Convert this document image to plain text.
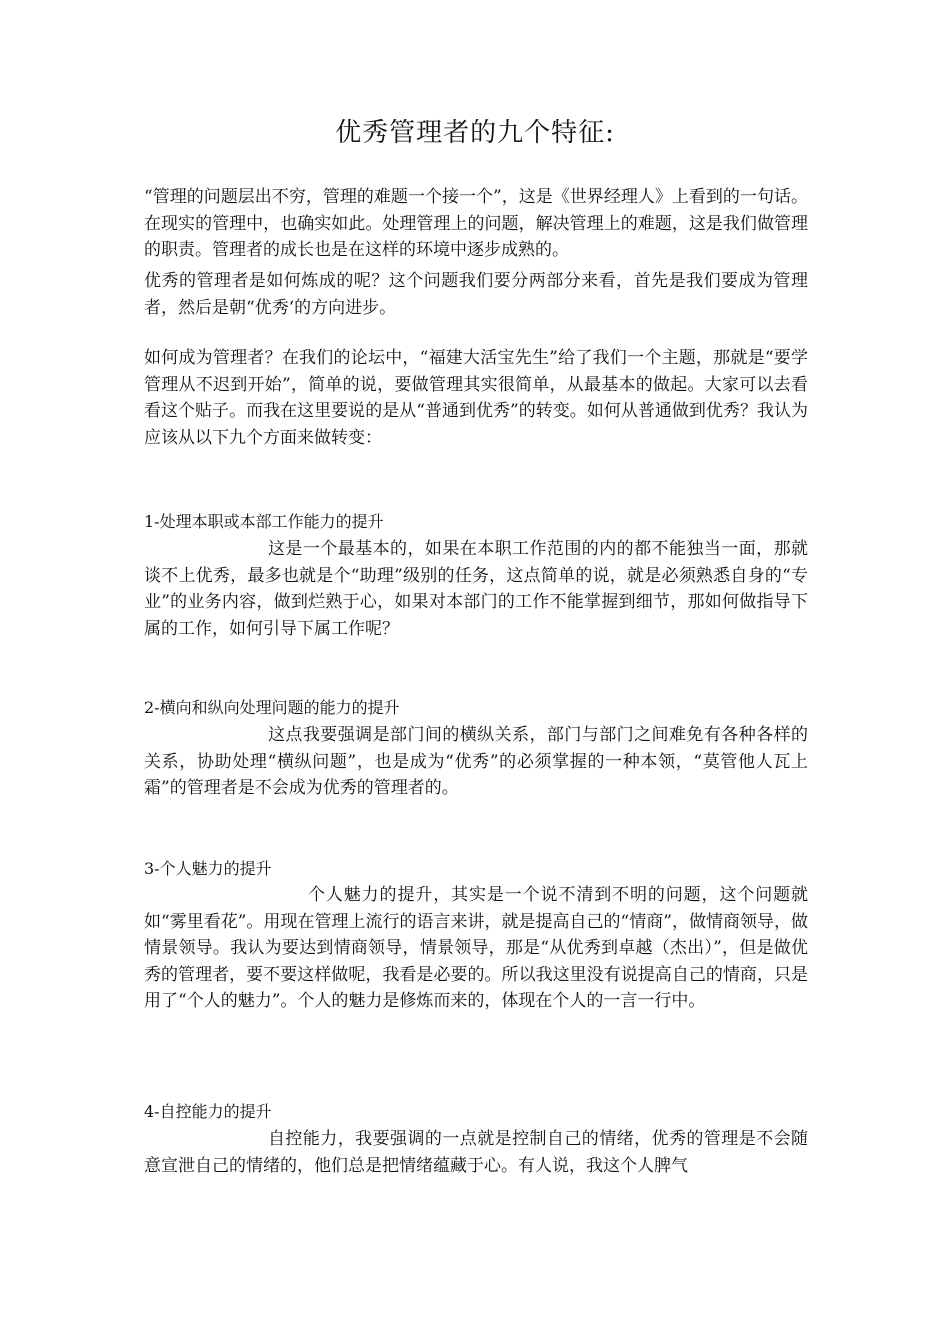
优秀管理者的九个特征:
“管理的问题层出不穷，管理的难题一个接一个”，这是《世界经理人》上看到的一句话。在现实的管理中，也确实如此。处理管理上的问题，解决管理上的难题，这是我们做管理的职责。管理者的成长也是在这样的环境中逐步成熟的。
优秀的管理者是如何炼成的呢？这个问题我们要分两部分来看，首先是我们要成为管理者，然后是朝“优秀‘的方向进步。
如何成为管理者？在我们的论坛中，“福建大活宝先生”给了我们一个主题，那就是“要学管理从不迟到开始”，简单的说，要做管理其实很简单，从最基本的做起。大家可以去看看这个贴子。而我在这里要说的是从“普通到优秀”的转变。如何从普通做到优秀？我认为应该从以下九个方面来做转变：
1-处理本职或本部工作能力的提升
这是一个最基本的，如果在本职工作范围的内的都不能独当一面，那就谈不上优秀，最多也就是个“助理”级别的任务，这点简单的说，就是必须熟悉自身的“专业”的业务内容，做到烂熟于心，如果对本部门的工作不能掌握到细节，那如何做指导下属的工作，如何引导下属工作呢？
2-横向和纵向处理问题的能力的提升
这点我要强调是部门间的横纵关系，部门与部门之间难免有各种各样的关系，协助处理“横纵问题”，也是成为“优秀”的必须掌握的一种本领，“莫管他人瓦上霜”的管理者是不会成为优秀的管理者的。
3-个人魅力的提升
个人魅力的提升，其实是一个说不清到不明的问题，这个问题就如“雾里看花”。用现在管理上流行的语言来讲，就是提高自己的“情商”，做情商领导，做情景领导。我认为要达到情商领导，情景领导，那是“从优秀到卓越（杰出）”，但是做优秀的管理者，要不要这样做呢，我看是必要的。所以我这里没有说提高自己的情商，只是用了“个人的魅力”。个人的魅力是修炼而来的，体现在个人的一言一行中。
4-自控能力的提升
自控能力，我要强调的一点就是控制自己的情绪，优秀的管理是不会随意宣泄自己的情绪的，他们总是把情绪蕴藏于心。有人说，我这个人脾气
